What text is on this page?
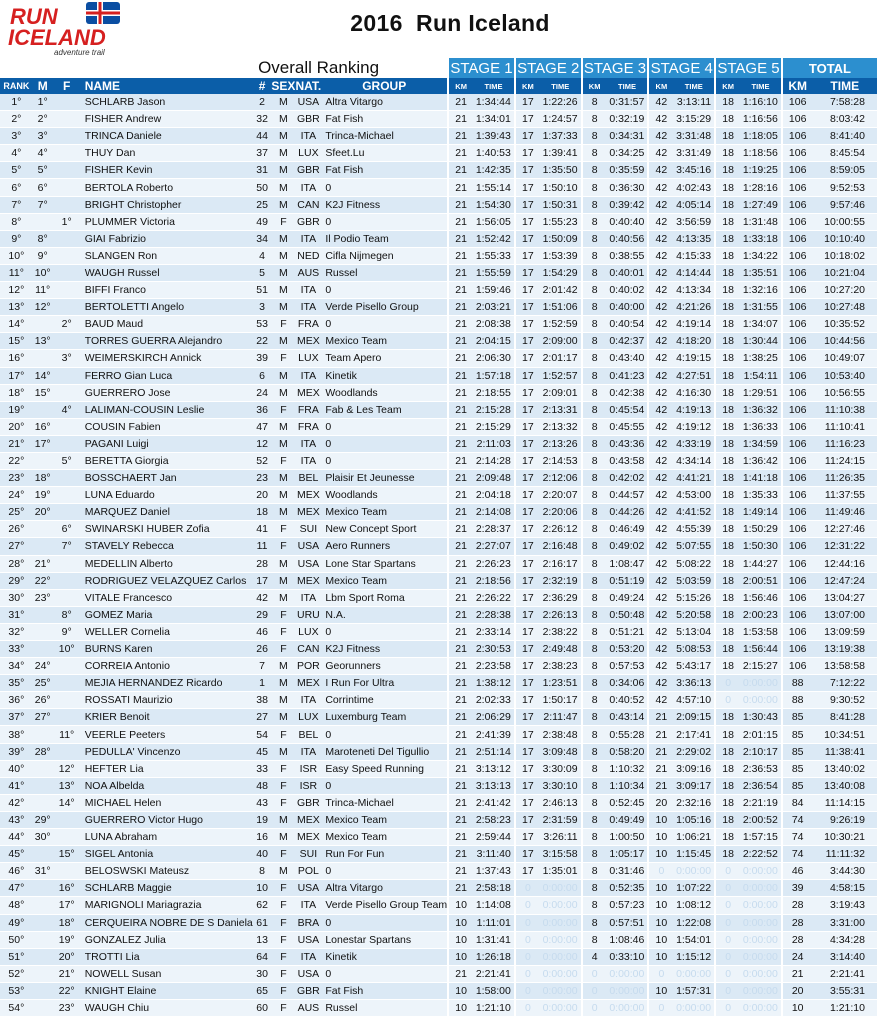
RUN
ICELAND
adventure trail
2016  Run Iceland
Overall Ranking								STAGE 1		STAGE 2		STAGE 3		STAGE 4		STAGE 5		TOTAL	
RANK	M	F	NAME	#	SEX	NAT.	GROUP	KM	TIME	KM	TIME	KM	TIME	KM	TIME	KM	TIME	KM	TIME
1°	1°		SCHLARB Jason	2	M	USA	Altra Vitargo	21	1:34:44	17	1:22:26	8	0:31:57	42	3:13:11	18	1:16:10	106	7:58:28
2°	2°		FISHER Andrew	32	M	GBR	Fat Fish	21	1:34:01	17	1:24:57	8	0:32:19	42	3:15:29	18	1:16:56	106	8:03:42
3°	3°		TRINCA Daniele	44	M	ITA	Trinca-Michael	21	1:39:43	17	1:37:33	8	0:34:31	42	3:31:48	18	1:18:05	106	8:41:40
4°	4°		THUY Dan	37	M	LUX	Sfeet.Lu	21	1:40:53	17	1:39:41	8	0:34:25	42	3:31:49	18	1:18:56	106	8:45:54
5°	5°		FISHER Kevin	31	M	GBR	Fat Fish	21	1:42:35	17	1:35:50	8	0:35:59	42	3:45:16	18	1:19:25	106	8:59:05
6°	6°		BERTOLA Roberto	50	M	ITA	0	21	1:55:14	17	1:50:10	8	0:36:30	42	4:02:43	18	1:28:16	106	9:52:53
7°	7°		BRIGHT Christopher	25	M	CAN	K2J Fitness	21	1:54:30	17	1:50:31	8	0:39:42	42	4:05:14	18	1:27:49	106	9:57:46
8°		1°	PLUMMER Victoria	49	F	GBR	0	21	1:56:05	17	1:55:23	8	0:40:40	42	3:56:59	18	1:31:48	106	10:00:55
9°	8°		GIAI Fabrizio	34	M	ITA	Il Podio Team	21	1:52:42	17	1:50:09	8	0:40:56	42	4:13:35	18	1:33:18	106	10:10:40
10°	9°		SLANGEN Ron	4	M	NED	Cifla Nijmegen	21	1:55:33	17	1:53:39	8	0:38:55	42	4:15:33	18	1:34:22	106	10:18:02
11°	10°		WAUGH Russel	5	M	AUS	Russel	21	1:55:59	17	1:54:29	8	0:40:01	42	4:14:44	18	1:35:51	106	10:21:04
12°	11°		BIFFI Franco	51	M	ITA	0	21	1:59:46	17	2:01:42	8	0:40:02	42	4:13:34	18	1:32:16	106	10:27:20
13°	12°		BERTOLETTI Angelo	3	M	ITA	Verde Pisello Group	21	2:03:21	17	1:51:06	8	0:40:00	42	4:21:26	18	1:31:55	106	10:27:48
14°		2°	BAUD Maud	53	F	FRA	0	21	2:08:38	17	1:52:59	8	0:40:54	42	4:19:14	18	1:34:07	106	10:35:52
15°	13°		TORRES GUERRA Alejandro	22	M	MEX	Mexico Team	21	2:04:15	17	2:09:00	8	0:42:37	42	4:18:20	18	1:30:44	106	10:44:56
16°		3°	WEIMERSKIRCH Annick	39	F	LUX	Team Apero	21	2:06:30	17	2:01:17	8	0:43:40	42	4:19:15	18	1:38:25	106	10:49:07
17°	14°		FERRO Gian Luca	6	M	ITA	Kinetik	21	1:57:18	17	1:52:57	8	0:41:23	42	4:27:51	18	1:54:11	106	10:53:40
18°	15°		GUERRERO Jose	24	M	MEX	Woodlands	21	2:18:55	17	2:09:01	8	0:42:38	42	4:16:30	18	1:29:51	106	10:56:55
19°		4°	LALIMAN-COUSIN Leslie	36	F	FRA	Fab & Les Team	21	2:15:28	17	2:13:31	8	0:45:54	42	4:19:13	18	1:36:32	106	11:10:38
20°	16°		COUSIN Fabien	47	M	FRA	0	21	2:15:29	17	2:13:32	8	0:45:55	42	4:19:12	18	1:36:33	106	11:10:41
21°	17°		PAGANI Luigi	12	M	ITA	0	21	2:11:03	17	2:13:26	8	0:43:36	42	4:33:19	18	1:34:59	106	11:16:23
22°		5°	BERETTA Giorgia	52	F	ITA	0	21	2:14:28	17	2:14:53	8	0:43:58	42	4:34:14	18	1:36:42	106	11:24:15
23°	18°		BOSSCHAERT Jan	23	M	BEL	Plaisir Et Jeunesse	21	2:09:48	17	2:12:06	8	0:42:02	42	4:41:21	18	1:41:18	106	11:26:35
24°	19°		LUNA Eduardo	20	M	MEX	Woodlands	21	2:04:18	17	2:20:07	8	0:44:57	42	4:53:00	18	1:35:33	106	11:37:55
25°	20°		MARQUEZ Daniel	18	M	MEX	Mexico Team	21	2:14:08	17	2:20:06	8	0:44:26	42	4:41:52	18	1:49:14	106	11:49:46
26°		6°	SWINARSKI HUBER Zofia	41	F	SUI	New Concept Sport	21	2:28:37	17	2:26:12	8	0:46:49	42	4:55:39	18	1:50:29	106	12:27:46
27°		7°	STAVELY Rebecca	11	F	USA	Aero Runners	21	2:27:07	17	2:16:48	8	0:49:02	42	5:07:55	18	1:50:30	106	12:31:22
28°	21°		MEDELLIN Alberto	28	M	USA	Lone Star Spartans	21	2:26:23	17	2:16:17	8	1:08:47	42	5:08:22	18	1:44:27	106	12:44:16
29°	22°		RODRIGUEZ VELAZQUEZ Carlos	17	M	MEX	Mexico Team	21	2:18:56	17	2:32:19	8	0:51:19	42	5:03:59	18	2:00:51	106	12:47:24
30°	23°		VITALE Francesco	42	M	ITA	Lbm Sport Roma	21	2:26:22	17	2:36:29	8	0:49:24	42	5:15:26	18	1:56:46	106	13:04:27
31°		8°	GOMEZ Maria	29	F	URU	N.A.	21	2:28:38	17	2:26:13	8	0:50:48	42	5:20:58	18	2:00:23	106	13:07:00
32°		9°	WELLER Cornelia	46	F	LUX	0	21	2:33:14	17	2:38:22	8	0:51:21	42	5:13:04	18	1:53:58	106	13:09:59
33°		10°	BURNS Karen	26	F	CAN	K2J Fitness	21	2:30:53	17	2:49:48	8	0:53:20	42	5:08:53	18	1:56:44	106	13:19:38
34°	24°		CORREIA Antonio	7	M	POR	Georunners	21	2:23:58	17	2:38:23	8	0:57:53	42	5:43:17	18	2:15:27	106	13:58:58
35°	25°		MEJIA HERNANDEZ Ricardo	1	M	MEX	I Run For Ultra	21	1:38:12	17	1:23:51	8	0:34:06	42	3:36:13	0	0:00:00	88	7:12:22
36°	26°		ROSSATI Maurizio	38	M	ITA	Corrintime	21	2:02:33	17	1:50:17	8	0:40:52	42	4:57:10	0	0:00:00	88	9:30:52
37°	27°		KRIER Benoit	27	M	LUX	Luxemburg Team	21	2:06:29	17	2:11:47	8	0:43:14	21	2:09:15	18	1:30:43	85	8:41:28
38°		11°	VEERLE Peeters	54	F	BEL	0	21	2:41:39	17	2:38:48	8	0:55:28	21	2:17:41	18	2:01:15	85	10:34:51
39°	28°		PEDULLA' Vincenzo	45	M	ITA	Maroteneti Del Tigullio	21	2:51:14	17	3:09:48	8	0:58:20	21	2:29:02	18	2:10:17	85	11:38:41
40°		12°	HEFTER Lia	33	F	ISR	Easy Speed Running	21	3:13:12	17	3:30:09	8	1:10:32	21	3:09:16	18	2:36:53	85	13:40:02
41°		13°	NOA Albelda	48	F	ISR	0	21	3:13:13	17	3:30:10	8	1:10:34	21	3:09:17	18	2:36:54	85	13:40:08
42°		14°	MICHAEL Helen	43	F	GBR	Trinca-Michael	21	2:41:42	17	2:46:13	8	0:52:45	20	2:32:16	18	2:21:19	84	11:14:15
43°	29°		GUERRERO Victor Hugo	19	M	MEX	Mexico Team	21	2:58:23	17	2:31:59	8	0:49:49	10	1:05:16	18	2:00:52	74	9:26:19
44°	30°		LUNA Abraham	16	M	MEX	Mexico Team	21	2:59:44	17	3:26:11	8	1:00:50	10	1:06:21	18	1:57:15	74	10:30:21
45°		15°	SIGEL Antonia	40	F	SUI	Run For Fun	21	3:11:40	17	3:15:58	8	1:05:17	10	1:15:45	18	2:22:52	74	11:11:32
46°	31°		BELOSWSKI Mateusz	8	M	POL	0	21	1:37:43	17	1:35:01	8	0:31:46	0	0:00:00	0	0:00:00	46	3:44:30
47°		16°	SCHLARB Maggie	10	F	USA	Altra Vitargo	21	2:58:18	0	0:00:00	8	0:52:35	10	1:07:22	0	0:00:00	39	4:58:15
48°		17°	MARIGNOLI Mariagrazia	62	F	ITA	Verde Pisello Group Team	10	1:14:08	0	0:00:00	8	0:57:23	10	1:08:12	0	0:00:00	28	3:19:43
49°		18°	CERQUEIRA NOBRE DE S Daniela	61	F	BRA	0	10	1:11:01	0	0:00:00	8	0:57:51	10	1:22:08	0	0:00:00	28	3:31:00
50°		19°	GONZALEZ Julia	13	F	USA	Lonestar Spartans	10	1:31:41	0	0:00:00	8	1:08:46	10	1:54:01	0	0:00:00	28	4:34:28
51°		20°	TROTTI Lia	64	F	ITA	Kinetik	10	1:26:18	0	0:00:00	4	0:33:10	10	1:15:12	0	0:00:00	24	3:14:40
52°		21°	NOWELL Susan	30	F	USA	0	21	2:21:41	0	0:00:00	0	0:00:00	0	0:00:00	0	0:00:00	21	2:21:41
53°		22°	KNIGHT Elaine	65	F	GBR	Fat Fish	10	1:58:00	0	0:00:00	0	0:00:00	10	1:57:31	0	0:00:00	20	3:55:31
54°		23°	WAUGH Chiu	60	F	AUS	Russel	10	1:21:10	0	0:00:00	0	0:00:00	0	0:00:00	0	0:00:00	10	1:21:10
